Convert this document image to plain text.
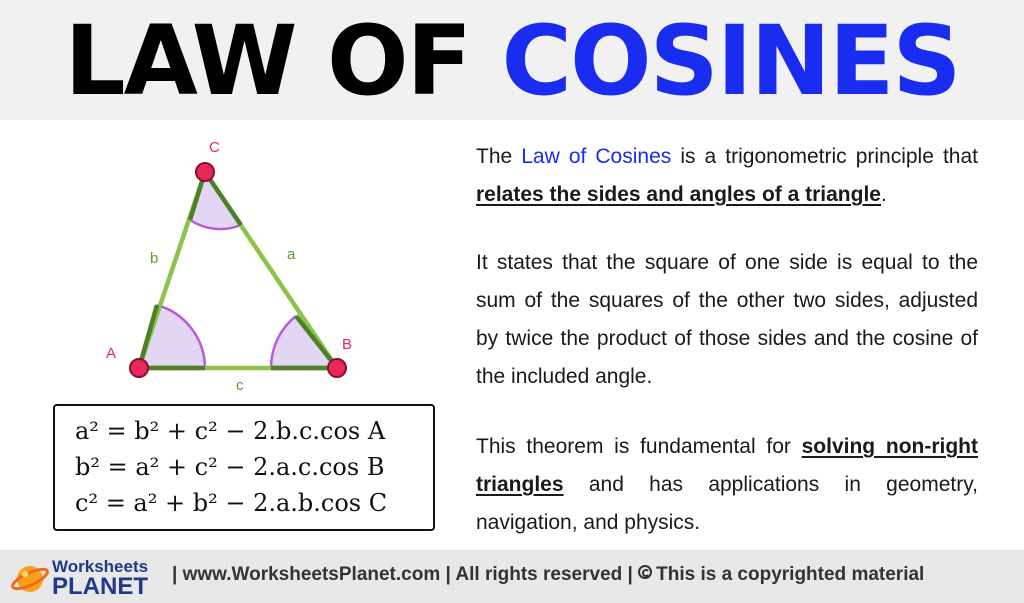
LAW OF COSINES
A
B
C
a
b
c
a² = b² + c² − 2.b.c.cos A
b² = a² + c² − 2.a.c.cos B
c² = a² + b² − 2.a.b.cos C

The Law of Cosines is a trigonometric principle that relates the sides and angles of a triangle.

It states that the square of one side is equal to the sum of the squares of the other two sides, adjusted by twice the product of those sides and the cosine of the included angle.

This theorem is fundamental for solving non-right triangles and has applications in geometry, navigation, and physics.

Worksheets
PLANET | www.WorksheetsPlanet.com | All rights reserved | This is a copyrighted material
